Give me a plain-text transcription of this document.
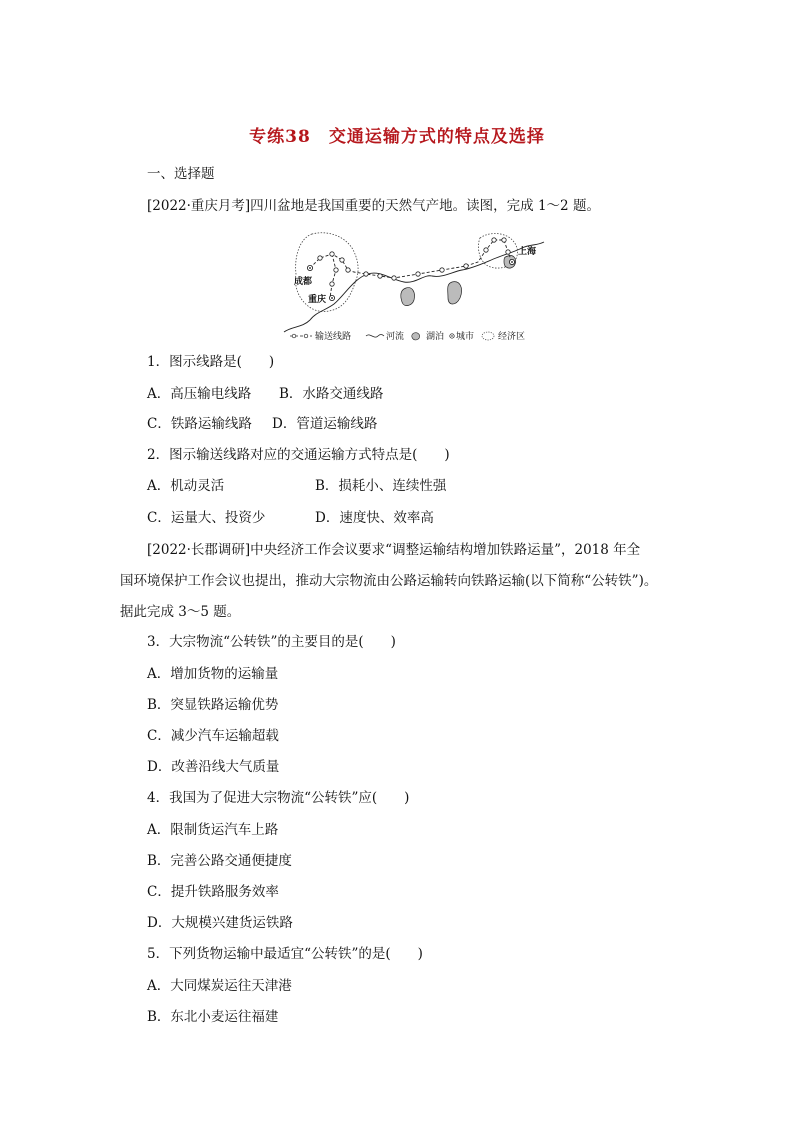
专练38　交通运输方式的特点及选择
一、选择题
[2022·重庆月考]四川盆地是我国重要的天然气产地。读图，完成 1～2 题。
成都
重庆
上海
输送线路	河流 湖泊 城市	经济区
1．图示线路是(　　)
A．高压输电线路 B．水路交通线路
C．铁路运输线路 D．管道运输线路
2．图示输送线路对应的交通运输方式特点是(　　)
A．机动灵活	B．损耗小、连续性强
C．运量大、投资少	D．速度快、效率高
[2022·长郡调研]中央经济工作会议要求“调整运输结构增加铁路运量”，2018 年全
国环境保护工作会议也提出，推动大宗物流由公路运输转向铁路运输(以下简称“公转铁”)。
据此完成 3～5 题。
3．大宗物流“公转铁”的主要目的是(　　)
A．增加货物的运输量
B．突显铁路运输优势
C．减少汽车运输超载
D．改善沿线大气质量
4．我国为了促进大宗物流“公转铁”应(　　)
A．限制货运汽车上路
B．完善公路交通便捷度
C．提升铁路服务效率
D．大规模兴建货运铁路
5．下列货物运输中最适宜“公转铁”的是(　　)
A．大同煤炭运往天津港
B．东北小麦运往福建
